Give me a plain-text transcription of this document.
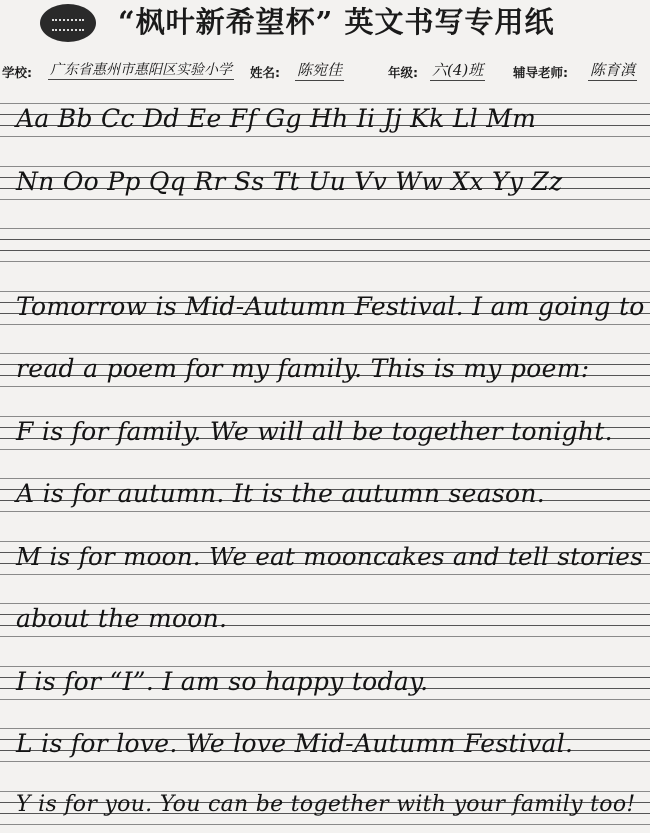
“枫叶新希望杯” 英文书写专用纸
学校: 广东省惠州市惠阳区实验小学 姓名: 陈宛佳	年级: 六(4)班 辅导老师: 陈育滇
Aa Bb Cc Dd Ee Ff Gg Hh Ii Jj Kk Ll Mm
Nn Oo Pp Qq Rr Ss Tt Uu Vv Ww Xx Yy Zz
Tomorrow is Mid-Autumn Festival. I am going to
read a poem for my family. This is my poem:
F is for family. We will all be together tonight.
A is for autumn. It is the autumn season.
M is for moon. We eat mooncakes and tell stories
about the moon.
I is for “I”. I am so happy today.
L is for love. We love Mid-Autumn Festival.
Y is for you. You can be together with your family too!
